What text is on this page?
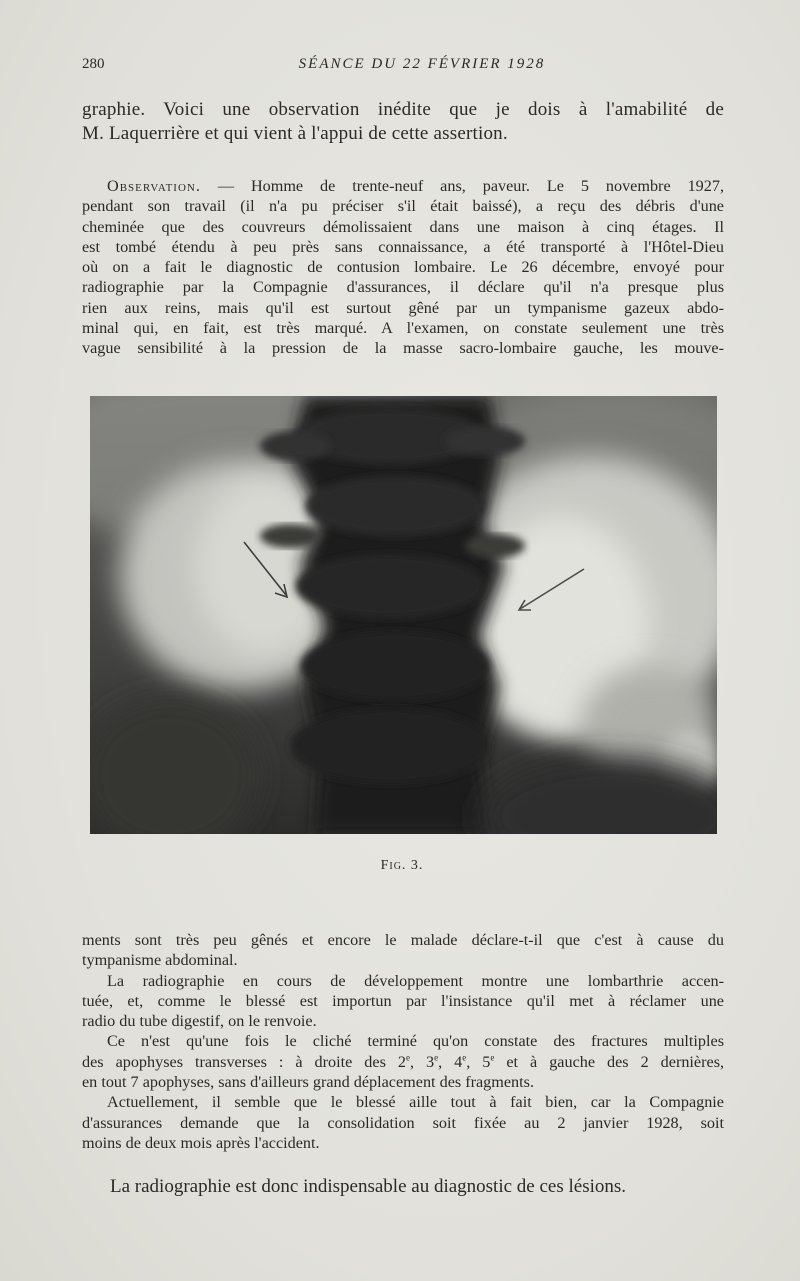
280	SÉANCE DU 22 FÉVRIER 1928
graphie. Voici une observation inédite que je dois à l'amabilité de
M. Laquerrière et qui vient à l'appui de cette assertion.
Observation. — Homme de trente-neuf ans, paveur. Le 5 novembre 1927,
pendant son travail (il n'a pu préciser s'il était baissé), a reçu des débris d'une
cheminée que des couvreurs démolissaient dans une maison à cinq étages. Il
est tombé étendu à peu près sans connaissance, a été transporté à l'Hôtel-Dieu
où on a fait le diagnostic de contusion lombaire. Le 26 décembre, envoyé pour
radiographie par la Compagnie d'assurances, il déclare qu'il n'a presque plus
rien aux reins, mais qu'il est surtout gêné par un tympanisme gazeux abdo-
minal qui, en fait, est très marqué. A l'examen, on constate seulement une très
vague sensibilité à la pression de la masse sacro-lombaire gauche, les mouve-
Fig. 3.
ments sont très peu gênés et encore le malade déclare-t-il que c'est à cause du
tympanisme abdominal.
La radiographie en cours de développement montre une lombarthrie accen-
tuée, et, comme le blessé est importun par l'insistance qu'il met à réclamer une
radio du tube digestif, on le renvoie.
Ce n'est qu'une fois le cliché terminé qu'on constate des fractures multiples
des apophyses transverses : à droite des 2e, 3e, 4e, 5e et à gauche des 2 dernières,
en tout 7 apophyses, sans d'ailleurs grand déplacement des fragments.
Actuellement, il semble que le blessé aille tout à fait bien, car la Compagnie
d'assurances demande que la consolidation soit fixée au 2 janvier 1928, soit
moins de deux mois après l'accident.
La radiographie est donc indispensable au diagnostic de ces lésions.
